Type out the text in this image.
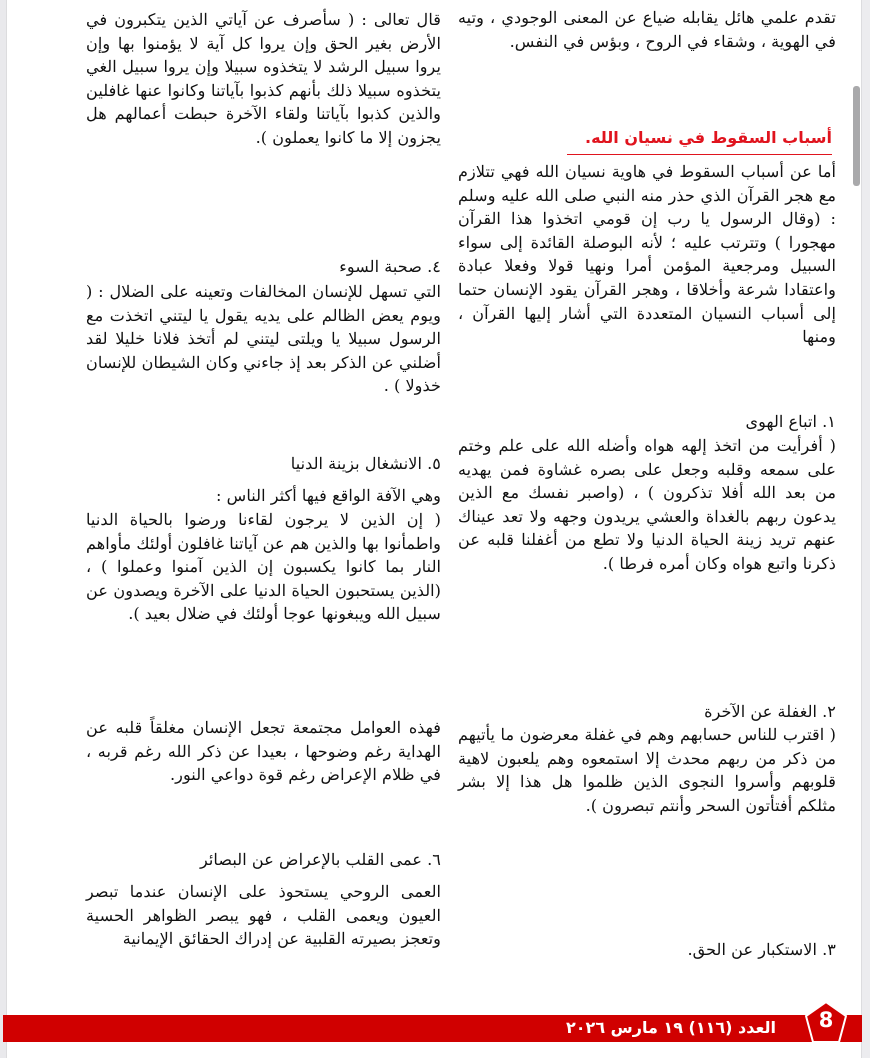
تقدم علمي هائل يقابله ضياع عن المعنى الوجودي ، وتيه في الهوية ، وشقاء في الروح ، وبؤس في النفس.

أسباب السقوط في نسيان الله.

أما عن أسباب السقوط في هاوية نسيان الله فهي تتلازم مع هجر القرآن الذي حذر منه النبي صلى الله عليه وسلم : (وقال الرسول يا رب إن قومي اتخذوا هذا القرآن مهجورا ) وتترتب عليه ؛ لأنه البوصلة القائدة إلى سواء السبيل ومرجعية المؤمن أمرا ونهيا قولا وفعلا عبادة واعتقادا شرعة وأخلاقا ، وهجر القرآن يقود الإنسان حتما إلى أسباب النسيان المتعددة التي أشار إليها القرآن ، ومنها

١. اتباع الهوى

( أفرأيت من اتخذ إلهه هواه وأضله الله على علم وختم على سمعه وقلبه وجعل على بصره غشاوة فمن يهديه من بعد الله أفلا تذكرون ) ، (واصبر نفسك مع الذين يدعون ربهم بالغداة والعشي يريدون وجهه ولا تعد عيناك عنهم تريد زينة الحياة الدنيا ولا تطع من أغفلنا قلبه عن ذكرنا واتبع هواه وكان أمره فرطا ).

٢. الغفلة عن الآخرة

( اقترب للناس حسابهم وهم في غفلة معرضون ما يأتيهم من ذكر من ربهم محدث إلا استمعوه وهم يلعبون لاهية قلوبهم وأسروا النجوى الذين ظلموا هل هذا إلا بشر مثلكم أفتأتون السحر وأنتم تبصرون ).

٣. الاستكبار عن الحق.

قال تعالى : ( سأصرف عن آياتي الذين يتكبرون في الأرض بغير الحق وإن يروا كل آية لا يؤمنوا بها وإن يروا سبيل الرشد لا يتخذوه سبيلا وإن يروا سبيل الغي يتخذوه سبيلا ذلك بأنهم كذبوا بآياتنا وكانوا عنها غافلين والذين كذبوا بآياتنا ولقاء الآخرة حبطت أعمالهم هل يجزون إلا ما كانوا يعملون ).

٤. صحبة السوء

التي تسهل للإنسان المخالفات وتعينه على الضلال : ( ويوم يعض الظالم على يديه يقول يا ليتني اتخذت مع الرسول سبيلا يا ويلتى ليتني لم أتخذ فلانا خليلا لقد أضلني عن الذكر بعد إذ جاءني وكان الشيطان للإنسان خذولا ) .

٥. الانشغال بزينة الدنيا

وهي الآفة الواقع فيها أكثر الناس :

( إن الذين لا يرجون لقاءنا ورضوا بالحياة الدنيا واطمأنوا بها والذين هم عن آياتنا غافلون أولئك مأواهم النار بما كانوا يكسبون إن الذين آمنوا وعملوا ) ، (الذين يستحبون الحياة الدنيا على الآخرة ويصدون عن سبيل الله ويبغونها عوجا أولئك في ضلال بعيد ).

فهذه العوامل مجتمعة تجعل الإنسان مغلقاً قلبه عن الهداية رغم وضوحها ، بعيدا عن ذكر الله رغم قربه ، في ظلام الإعراض رغم قوة دواعي النور.

٦. عمى القلب بالإعراض عن البصائر

العمى الروحي يستحوذ على الإنسان عندما تبصر العيون ويعمى القلب ، فهو يبصر الظواهر الحسية وتعجز بصيرته القلبية عن إدراك الحقائق الإيمانية

العدد (١١٦) ١٩ مارس ٢٠٢٦	8
